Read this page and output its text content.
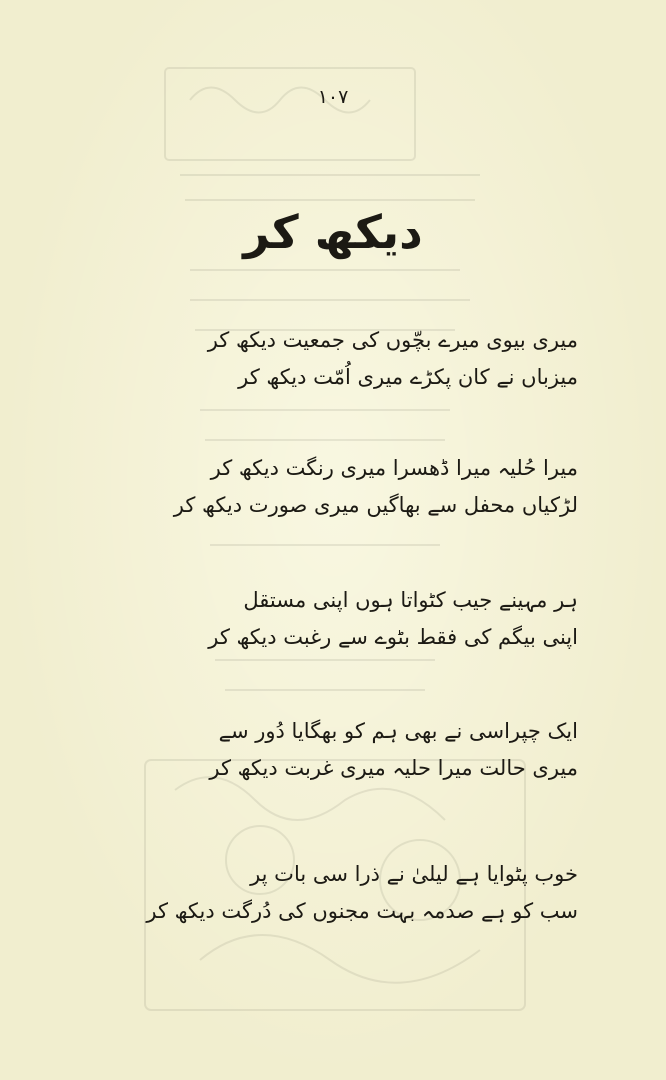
۱۰۷
دیکھ کر
میری بیوی میرے بچّوں کی جمعیت دیکھ کر
میزباں نے کان پکڑے میری اُمّت دیکھ کر
میرا حُلیہ میرا ڈھسرا میری رنگت دیکھ کر
لڑکیاں محفل سے بھاگیں میری صورت دیکھ کر
ہر مہینے جیب کٹواتا ہوں اپنی مستقل
اپنی بیگم کی فقط بٹوے سے رغبت دیکھ کر
ایک چپراسی نے بھی ہم کو بھگایا دُور سے
میری حالت میرا حلیہ میری غربت دیکھ کر
خوب پٹوایا ہے لیلیٰ نے ذرا سی بات پر
سب کو ہے صدمہ بہت مجنوں کی دُرگت دیکھ کر
